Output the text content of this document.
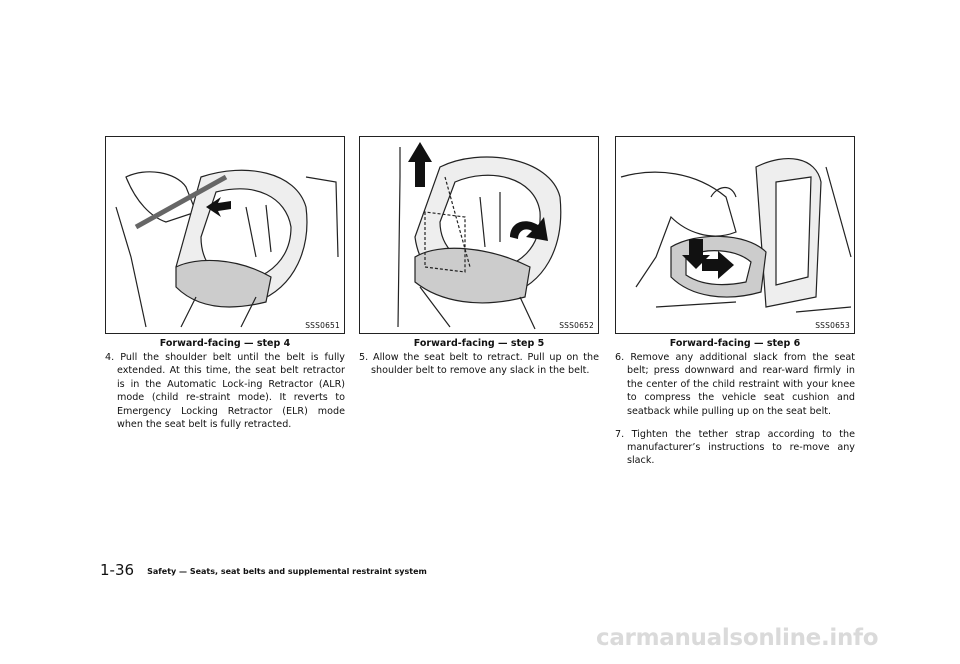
SSS0651
Forward-facing — step 4

4. Pull the shoulder belt until the belt is fully extended. At this time, the seat belt retractor is in the Automatic Lock-ing Retractor (ALR) mode (child re-straint mode). It reverts to Emergency Locking Retractor (ELR) mode when the seat belt is fully retracted.

SSS0652
Forward-facing — step 5

5. Allow the seat belt to retract. Pull up on the shoulder belt to remove any slack in the belt.

SSS0653
Forward-facing — step 6

6. Remove any additional slack from the seat belt; press downward and rear-ward firmly in the center of the child restraint with your knee to compress the vehicle seat cushion and seatback while pulling up on the seat belt.

7. Tighten the tether strap according to the manufacturer’s instructions to re-move any slack.

1-36 Safety — Seats, seat belts and supplemental restraint system
carmanualsonline.info
